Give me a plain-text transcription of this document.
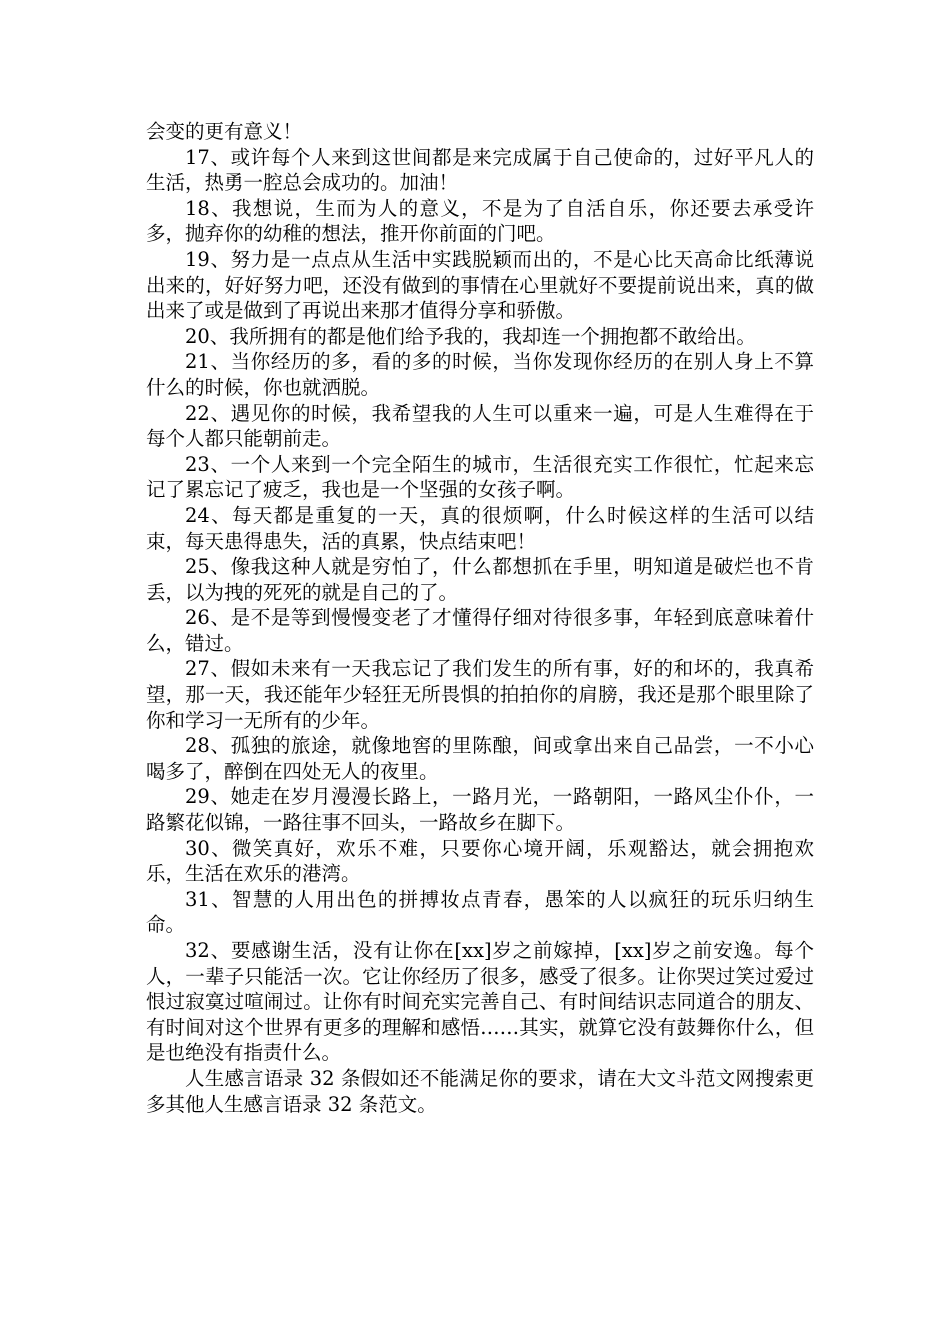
会变的更有意义！

17、或许每个人来到这世间都是来完成属于自己使命的，过好平凡人的生活，热勇一腔总会成功的。加油！

18、我想说，生而为人的意义，不是为了自活自乐，你还要去承受许多，抛弃你的幼稚的想法，推开你前面的门吧。

19、努力是一点点从生活中实践脱颖而出的，不是心比天高命比纸薄说出来的，好好努力吧，还没有做到的事情在心里就好不要提前说出来，真的做出来了或是做到了再说出来那才值得分享和骄傲。

20、我所拥有的都是他们给予我的，我却连一个拥抱都不敢给出。

21、当你经历的多，看的多的时候，当你发现你经历的在别人身上不算什么的时候，你也就洒脱。

22、遇见你的时候，我希望我的人生可以重来一遍，可是人生难得在于每个人都只能朝前走。

23、一个人来到一个完全陌生的城市，生活很充实工作很忙，忙起来忘记了累忘记了疲乏，我也是一个坚强的女孩子啊。

24、每天都是重复的一天，真的很烦啊，什么时候这样的生活可以结束，每天患得患失，活的真累，快点结束吧！

25、像我这种人就是穷怕了，什么都想抓在手里，明知道是破烂也不肯丢，以为拽的死死的就是自己的了。

26、是不是等到慢慢变老了才懂得仔细对待很多事，年轻到底意味着什么，错过。

27、假如未来有一天我忘记了我们发生的所有事，好的和坏的，我真希望，那一天，我还能年少轻狂无所畏惧的拍拍你的肩膀，我还是那个眼里除了你和学习一无所有的少年。

28、孤独的旅途，就像地窖的里陈酿，间或拿出来自己品尝，一不小心喝多了，醉倒在四处无人的夜里。

29、她走在岁月漫漫长路上，一路月光，一路朝阳，一路风尘仆仆，一路繁花似锦，一路往事不回头，一路故乡在脚下。

30、微笑真好，欢乐不难，只要你心境开阔，乐观豁达，就会拥抱欢乐，生活在欢乐的港湾。

31、智慧的人用出色的拼搏妆点青春，愚笨的人以疯狂的玩乐归纳生命。

32、要感谢生活，没有让你在[xx]岁之前嫁掉，[xx]岁之前安逸。每个人，一辈子只能活一次。它让你经历了很多，感受了很多。让你哭过笑过爱过恨过寂寞过喧闹过。让你有时间充实完善自己、有时间结识志同道合的朋友、有时间对这个世界有更多的理解和感悟……其实，就算它没有鼓舞你什么，但是也绝没有指责什么。

人生感言语录 32 条假如还不能满足你的要求，请在大文斗范文网搜索更多其他人生感言语录 32 条范文。
